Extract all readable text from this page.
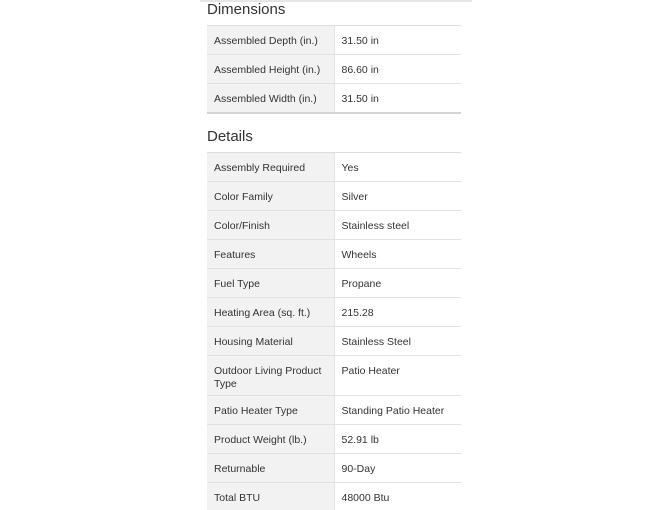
Dimensions
Assembled Depth (in.)	31.50 in
Assembled Height (in.)	86.60 in
Assembled Width (in.)	31.50 in
Details
Assembly Required	Yes
Color Family	Silver
Color/Finish	Stainless steel
Features	Wheels
Fuel Type	Propane
Heating Area (sq. ft.)	215.28
Housing Material	Stainless Steel
Outdoor Living Product Type	Patio Heater
Patio Heater Type	Standing Patio Heater
Product Weight (lb.)	52.91 lb
Returnable	90-Day
Total BTU	48000 Btu
